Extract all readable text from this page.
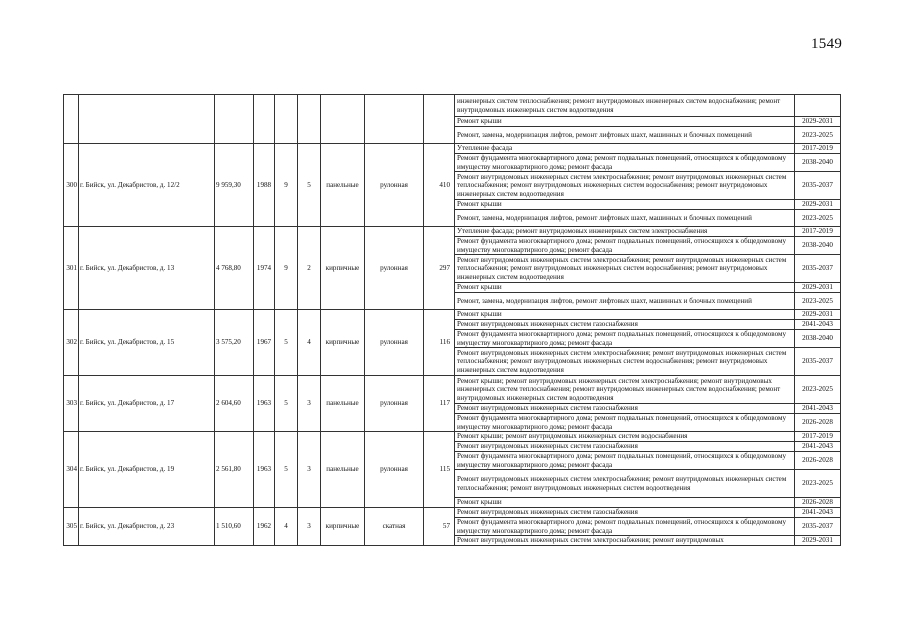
1549
									инженерных систем теплоснабжения; ремонт внутридомовых инженерных систем водоснабжения; ремонт внутридомовых инженерных систем водоотведения	
									Ремонт крыши	2029-2031
									Ремонт, замена, модернизация лифтов, ремонт лифтовых шахт, машинных и блочных помещений	2023-2025
300	г. Бийск, ул. Декабристов, д. 12/2	9 959,30	1988	9	5	панельные	рулонная	410	Утепление фасада	2017-2019
									Ремонт фундамента многоквартирного дома; ремонт подвальных помещений, относящихся к общедомовому имуществу многоквартирного дома; ремонт фасада	2038-2040
									Ремонт внутридомовых инженерных систем электроснабжения; ремонт внутридомовых инженерных систем теплоснабжения; ремонт внутридомовых инженерных систем водоснабжения; ремонт внутридомовых инженерных систем водоотведения	2035-2037
									Ремонт крыши	2029-2031
									Ремонт, замена, модернизация лифтов, ремонт лифтовых шахт, машинных и блочных помещений	2023-2025
301	г. Бийск, ул. Декабристов, д. 13	4 768,80	1974	9	2	кирпичные	рулонная	297	Утепление фасада; ремонт внутридомовых инженерных систем электроснабжения	2017-2019
									Ремонт фундамента многоквартирного дома; ремонт подвальных помещений, относящихся к общедомовому имуществу многоквартирного дома; ремонт фасада	2038-2040
									Ремонт внутридомовых инженерных систем электроснабжения; ремонт внутридомовых инженерных систем теплоснабжения; ремонт внутридомовых инженерных систем водоснабжения; ремонт внутридомовых инженерных систем водоотведения	2035-2037
									Ремонт крыши	2029-2031
									Ремонт, замена, модернизация лифтов, ремонт лифтовых шахт, машинных и блочных помещений	2023-2025
302	г. Бийск, ул. Декабристов, д. 15	3 575,20	1967	5	4	кирпичные	рулонная	116	Ремонт крыши	2029-2031
									Ремонт внутридомовых инженерных систем газоснабжения	2041-2043
									Ремонт фундамента многоквартирного дома; ремонт подвальных помещений, относящихся к общедомовому имуществу многоквартирного дома; ремонт фасада	2038-2040
									Ремонт внутридомовых инженерных систем электроснабжения; ремонт внутридомовых инженерных систем теплоснабжения; ремонт внутридомовых инженерных систем водоснабжения; ремонт внутридомовых инженерных систем водоотведения	2035-2037
303	г. Бийск, ул. Декабристов, д. 17	2 604,60	1963	5	3	панельные	рулонная	117	Ремонт крыши; ремонт внутридомовых инженерных систем электроснабжения; ремонт внутридомовых инженерных систем теплоснабжения; ремонт внутридомовых инженерных систем водоснабжения; ремонт внутридомовых инженерных систем водоотведения	2023-2025
									Ремонт внутридомовых инженерных систем газоснабжения	2041-2043
									Ремонт фундамента многоквартирного дома; ремонт подвальных помещений, относящихся к общедомовому имуществу многоквартирного дома; ремонт фасада	2026-2028
304	г. Бийск, ул. Декабристов, д. 19	2 561,80	1963	5	3	панельные	рулонная	115	Ремонт крыши; ремонт внутридомовых инженерных систем водоснабжения	2017-2019
									Ремонт внутридомовых инженерных систем газоснабжения	2041-2043
									Ремонт фундамента многоквартирного дома; ремонт подвальных помещений, относящихся к общедомовому имуществу многоквартирного дома; ремонт фасада	2026-2028
									Ремонт внутридомовых инженерных систем электроснабжения; ремонт внутридомовых инженерных систем теплоснабжения; ремонт внутридомовых инженерных систем водоотведения	2023-2025
									Ремонт крыши	2026-2028
305	г. Бийск, ул. Декабристов, д. 23	1 510,60	1962	4	3	кирпичные	скатная	57	Ремонт внутридомовых инженерных систем газоснабжения	2041-2043
									Ремонт фундамента многоквартирного дома; ремонт подвальных помещений, относящихся к общедомовому имуществу многоквартирного дома; ремонт фасада	2035-2037
									Ремонт внутридомовых инженерных систем электроснабжения; ремонт внутридомовых	2029-2031
